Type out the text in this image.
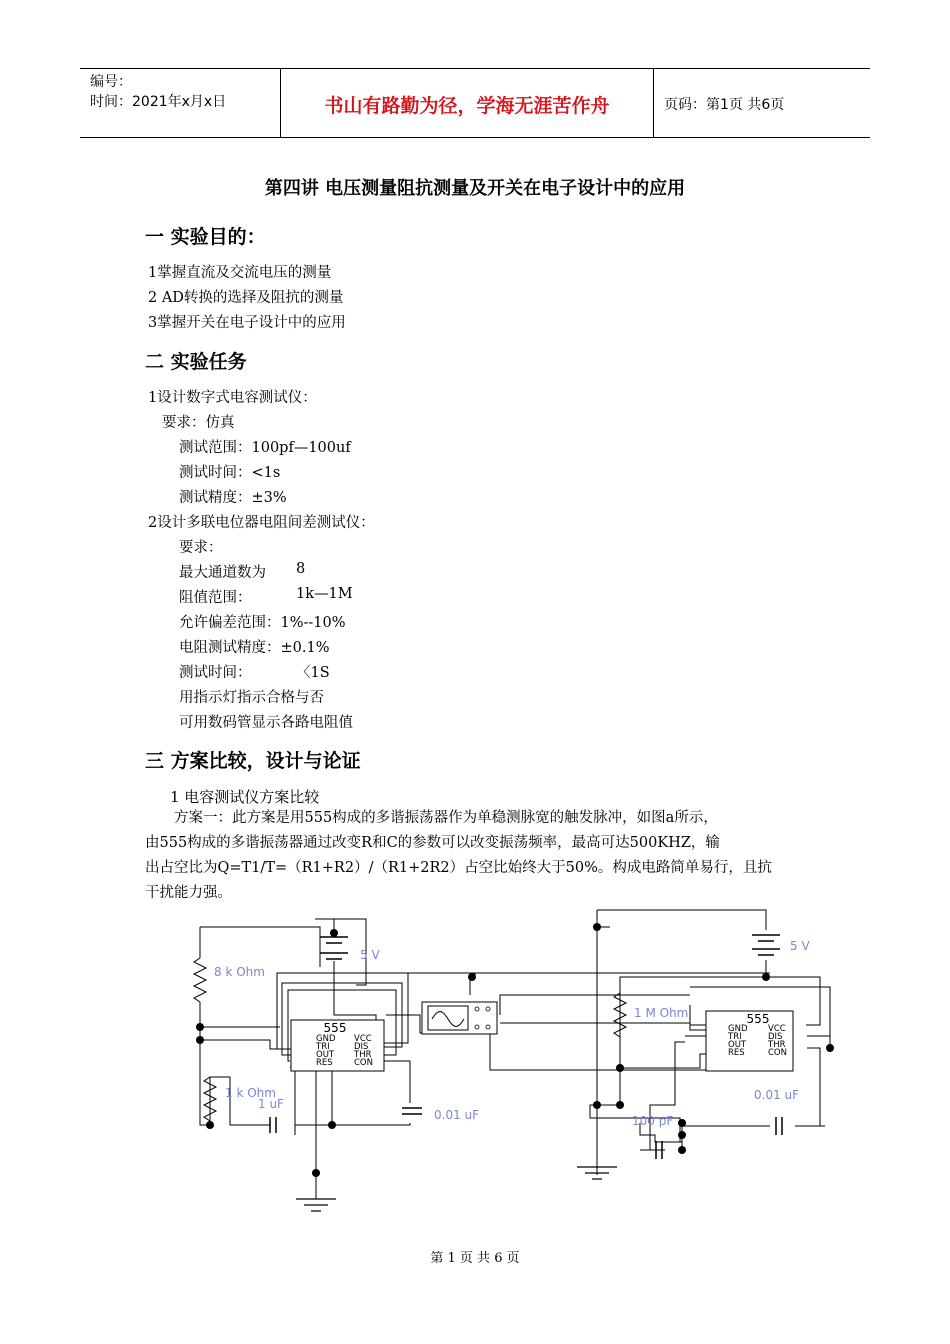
编号：
时间：2021年x月x日	书山有路勤为径，学海无涯苦作舟	页码：第1页 共6页
第四讲 电压测量阻抗测量及开关在电子设计中的应用
一 实验目的：
1掌握直流及交流电压的测量
2 AD转换的选择及阻抗的测量
3掌握开关在电子设计中的应用
二 实验任务
1设计数字式电容测试仪：
要求：仿真
测试范围：100pf—100uf
测试时间：<1s
测试精度：±3%
2设计多联电位器电阻间差测试仪：
要求：
最大通道数为 8
阻值范围：	1k—1M
允许偏差范围：1%--10%
电阻测试精度：±0.1%
测试时间：	〈1S
用指示灯指示合格与否
可用数码管显示各路电阻值
三 方案比较，设计与论证
1 电容测试仪方案比较
　　方案一：此方案是用555构成的多谐振荡器作为单稳测脉宽的触发脉冲，如图a所示，
由555构成的多谐振荡器通过改变R和C的参数可以改变振荡频率，最高可达500KHZ，输
出占空比为Q=T1/T=（R1+R2）/（R1+2R2）占空比始终大于50%。构成电路简单易行，且抗
干扰能力强。
555
555
8 k Ohm
5 V
1 k Ohm
1 uF
0.01 uF
1 M Ohm
5 V
0.01 uF
100 pF
GND
TRI
OUT
RES
VCC
DIS
THR
CON
GND
TRI
OUT
RES
VCC
DIS
THR
CON
第 1 页 共 6 页
